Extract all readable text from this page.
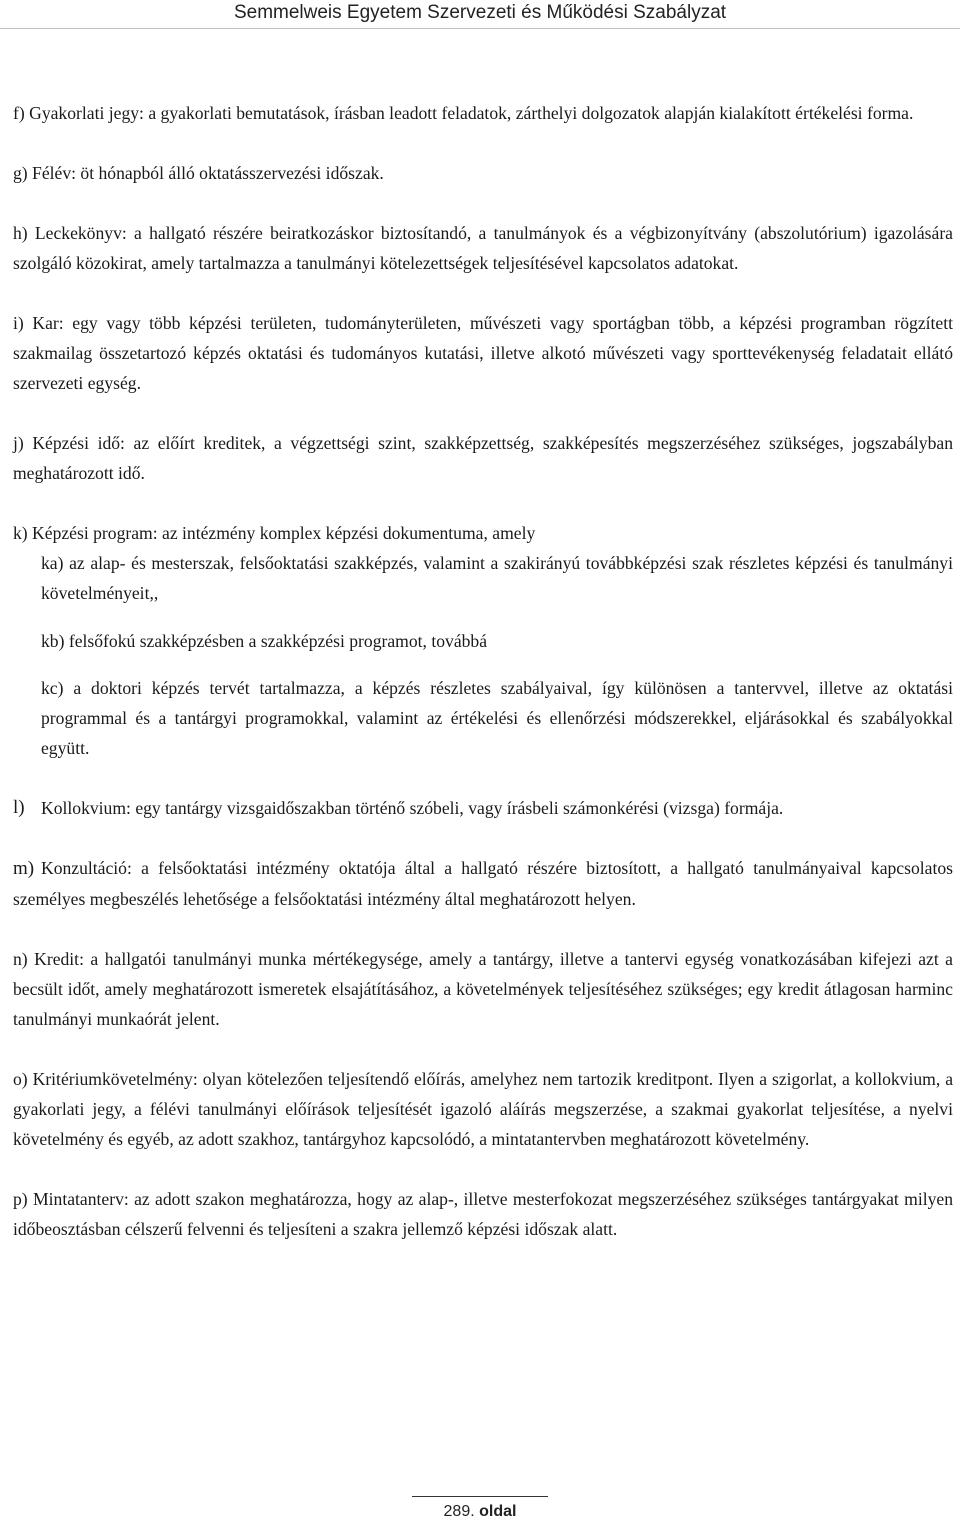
Semmelweis Egyetem Szervezeti és Működési Szabályzat

f) Gyakorlati jegy: a gyakorlati bemutatások, írásban leadott feladatok, zárthelyi dolgozatok alapján kialakított értékelési forma.

g) Félév: öt hónapból álló oktatásszervezési időszak.

h) Leckekönyv: a hallgató részére beiratkozáskor biztosítandó, a tanulmányok és a végbizonyítvány (abszolutórium) igazolására szolgáló közokirat, amely tartalmazza a tanulmányi kötelezettségek teljesítésével kapcsolatos adatokat.

i) Kar: egy vagy több képzési területen, tudományterületen, művészeti vagy sportágban több, a képzési programban rögzített szakmailag összetartozó képzés oktatási és tudományos kutatási, illetve alkotó művészeti vagy sporttevékenység feladatait ellátó szervezeti egység.

j) Képzési idő: az előírt kreditek, a végzettségi szint, szakképzettség, szakképesítés megszerzéséhez szükséges, jogszabályban meghatározott idő.

k) Képzési program: az intézmény komplex képzési dokumentuma, amely

ka) az alap- és mesterszak, felsőoktatási szakképzés, valamint a szakirányú továbbképzési szak részletes képzési és tanulmányi követelményeit,,

kb) felsőfokú szakképzésben a szakképzési programot, továbbá

kc) a doktori képzés tervét tartalmazza, a képzés részletes szabályaival, így különösen a tantervvel, illetve az oktatási programmal és a tantárgyi programokkal, valamint az értékelési és ellenőrzési módszerekkel, eljárásokkal és szabályokkal együtt.

l) Kollokvium: egy tantárgy vizsgaidőszakban történő szóbeli, vagy írásbeli számonkérési (vizsga) formája.

m) Konzultáció: a felsőoktatási intézmény oktatója által a hallgató részére biztosított, a hallgató tanulmányaival kapcsolatos személyes megbeszélés lehetősége a felsőoktatási intézmény által meghatározott helyen.

n) Kredit: a hallgatói tanulmányi munka mértékegysége, amely a tantárgy, illetve a tantervi egység vonatkozásában kifejezi azt a becsült időt, amely meghatározott ismeretek elsajátításához, a követelmények teljesítéséhez szükséges; egy kredit átlagosan harminc tanulmányi munkaórát jelent.

o) Kritériumkövetelmény: olyan kötelezően teljesítendő előírás, amelyhez nem tartozik kreditpont. Ilyen a szigorlat, a kollokvium, a gyakorlati jegy, a félévi tanulmányi előírások teljesítését igazoló aláírás megszerzése, a szakmai gyakorlat teljesítése, a nyelvi követelmény és egyéb, az adott szakhoz, tantárgyhoz kapcsolódó, a mintatantervben meghatározott követelmény.

p) Mintatanterv: az adott szakon meghatározza, hogy az alap-, illetve mesterfokozat megszerzéséhez szükséges tantárgyakat milyen időbeosztásban célszerű felvenni és teljesíteni a szakra jellemző képzési időszak alatt.

289. oldal
